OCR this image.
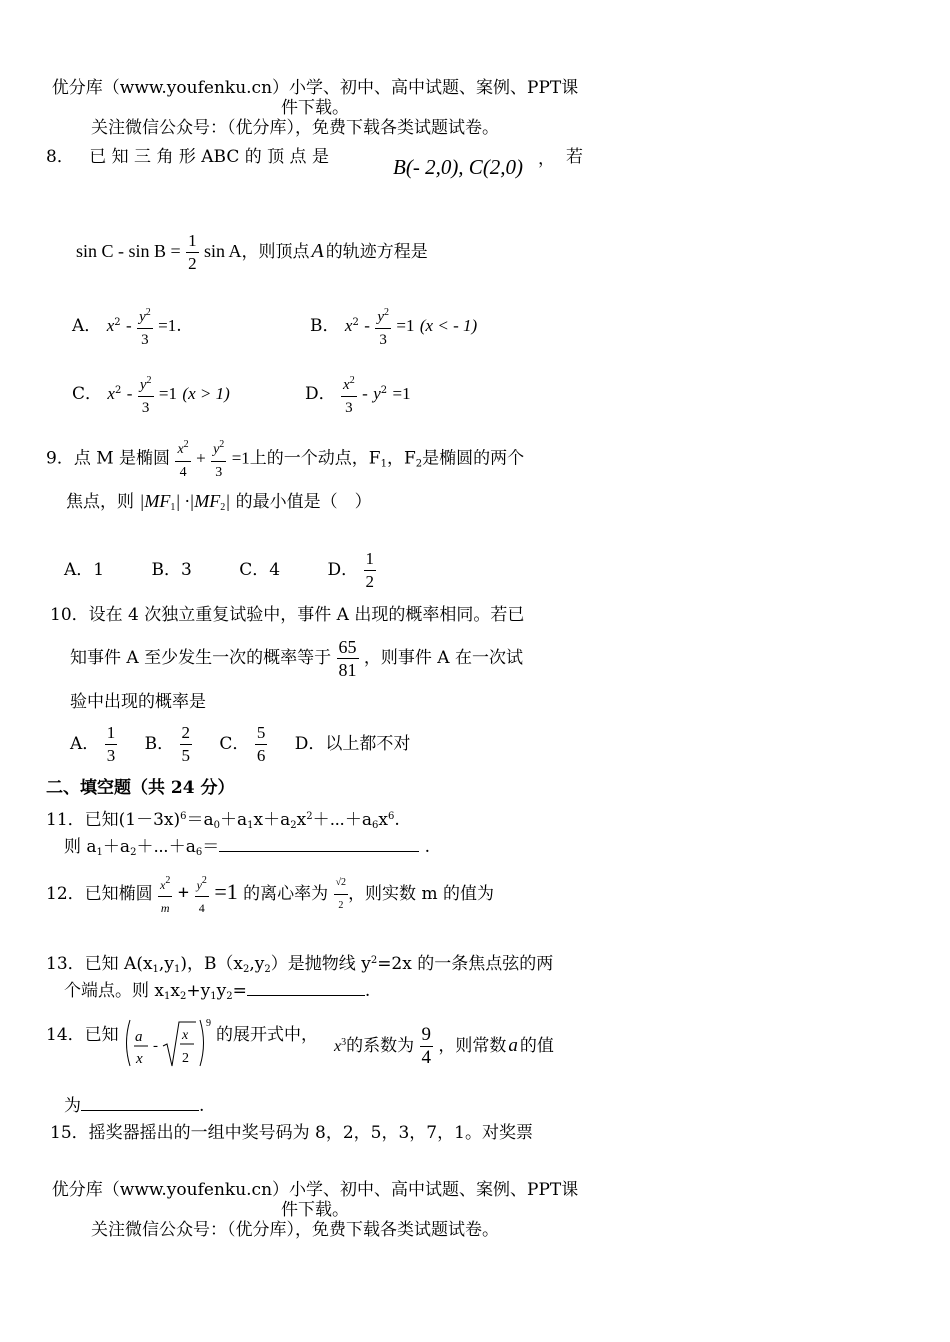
优分库（www.youfenku.cn）小学、初中、高中试题、案例、PPT课
件下载。
关注微信公众号：（优分库），免费下载各类试题试卷。
8． 已 知 三 角 形 ABC 的 顶 点 是	B(- 2,0), C(2,0) ， 若
$\sin C - \sin B = \frac{1}{2}$ sin A，则顶点 A 的轨迹方程是
A． $x^2 - \frac{y^2}{3} =1$.	B． $x^2 - \frac{y^2}{3} =1$ (x < - 1)
C． $x^2 - \frac{y^2}{3} =1$ (x > 1)	D． $\frac{x^2}{3} - y^2 =1$
9．点 M 是椭圆 $\frac{x^2}{4} + \frac{y^2}{3} =1$上的一个动点，$F_1$，$F_2$是椭圆的两个
焦点，则 $|MF_1| \cdot|MF_2|$ 的最小值是（　）
A．1	B．3	C．4	D． $\frac{1}{2}$
10．设在 4 次独立重复试验中，事件 A 出现的概率相同。若已
知事件 A 至少发生一次的概率等于 $\frac{65}{81}$ ，则事件 A 在一次试
验中出现的概率是
A． $\frac{1}{3}$ B． $\frac{2}{5}$ C． $\frac{5}{6}$ D．以上都不对
二、填空题（共 24 分）
11．已知$(1-3x)^6=a_0+a_1x+a_2x^2+\cdots+a_6x^6$.
则 $a_1+a_2+\cdots+a_6=$	.
12．已知椭圆 $\frac{x^2}{m} + \frac{y^2}{4} =1$ 的离心率为 $\frac{√2}{2}$ ，则实数 m 的值为
13．已知 $A(x_1,y_1)$，$B(x_2,y_2)$是抛物线 $y^2=2x$ 的一条焦点弦的两
个端点。则 $x_1x_2+y_1y_2=$	.
14．已知 a
x
-
x
2
9
的展开式中，
$x^3$的系数为 $\frac{9}{4}$ ，则常数 a 的值
为	.
15．摇奖器摇出的一组中奖号码为 8，2，5，3，7，1。对奖票
优分库（www.youfenku.cn）小学、初中、高中试题、案例、PPT课
件下载。
关注微信公众号：（优分库），免费下载各类试题试卷。
